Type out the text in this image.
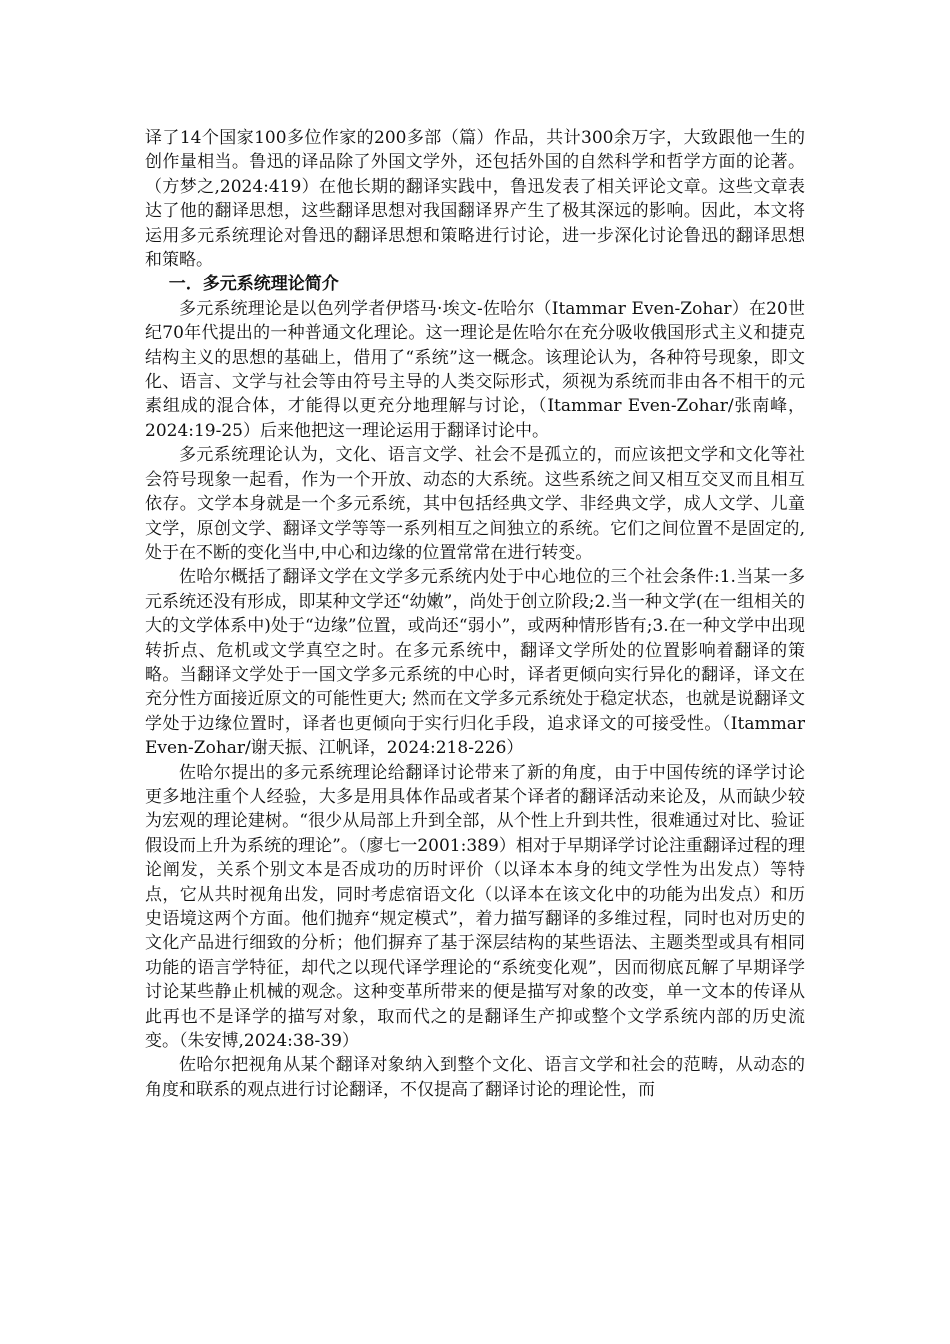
译了14个国家100多位作家的200多部（篇）作品，共计300余万字，大致跟他一生的创作量相当。鲁迅的译品除了外国文学外，还包括外国的自然科学和哲学方面的论著。（方梦之,2024:419）在他长期的翻译实践中，鲁迅发表了相关评论文章。这些文章表达了他的翻译思想，这些翻译思想对我国翻译界产生了极其深远的影响。因此，本文将运用多元系统理论对鲁迅的翻译思想和策略进行讨论，进一步深化讨论鲁迅的翻译思想和策略。

一．多元系统理论简介

多元系统理论是以色列学者伊塔马·埃文-佐哈尔（Itammar Even-Zohar）在20世纪70年代提出的一种普通文化理论。这一理论是佐哈尔在充分吸收俄国形式主义和捷克结构主义的思想的基础上，借用了“系统”这一概念。该理论认为，各种符号现象，即文化、语言、文学与社会等由符号主导的人类交际形式，须视为系统而非由各不相干的元素组成的混合体，才能得以更充分地理解与讨论，（Itammar Even-Zohar/张南峰，2024:19-25）后来他把这一理论运用于翻译讨论中。

多元系统理论认为，文化、语言文学、社会不是孤立的，而应该把文学和文化等社会符号现象一起看，作为一个开放、动态的大系统。这些系统之间又相互交叉而且相互依存。文学本身就是一个多元系统，其中包括经典文学、非经典文学，成人文学、儿童文学，原创文学、翻译文学等等一系列相互之间独立的系统。它们之间位置不是固定的,处于在不断的变化当中,中心和边缘的位置常常在进行转变。

佐哈尔概括了翻译文学在文学多元系统内处于中心地位的三个社会条件:1.当某一多元系统还没有形成，即某种文学还“幼嫩”，尚处于创立阶段;2.当一种文学(在一组相关的大的文学体系中)处于“边缘”位置，或尚还“弱小”，或两种情形皆有;3.在一种文学中出现转折点、危机或文学真空之时。在多元系统中，翻译文学所处的位置影响着翻译的策略。当翻译文学处于一国文学多元系统的中心时，译者更倾向实行异化的翻译，译文在充分性方面接近原文的可能性更大; 然而在文学多元系统处于稳定状态，也就是说翻译文学处于边缘位置时，译者也更倾向于实行归化手段，追求译文的可接受性。（Itammar Even-Zohar/谢天振、江帆译，2024:218-226）

佐哈尔提出的多元系统理论给翻译讨论带来了新的角度，由于中国传统的译学讨论更多地注重个人经验，大多是用具体作品或者某个译者的翻译活动来论及，从而缺少较为宏观的理论建树。“很少从局部上升到全部，从个性上升到共性，很难通过对比、验证假设而上升为系统的理论”。（廖七一2001:389）相对于早期译学讨论注重翻译过程的理论阐发，关系个别文本是否成功的历时评价（以译本本身的纯文学性为出发点）等特点，它从共时视角出发，同时考虑宿语文化（以译本在该文化中的功能为出发点）和历史语境这两个方面。他们抛弃“规定模式”，着力描写翻译的多维过程，同时也对历史的文化产品进行细致的分析；他们摒弃了基于深层结构的某些语法、主题类型或具有相同功能的语言学特征，却代之以现代译学理论的“系统变化观”，因而彻底瓦解了早期译学讨论某些静止机械的观念。这种变革所带来的便是描写对象的改变，单一文本的传译从此再也不是译学的描写对象，取而代之的是翻译生产抑或整个文学系统内部的历史流变。（朱安博,2024:38-39）

佐哈尔把视角从某个翻译对象纳入到整个文化、语言文学和社会的范畴，从动态的角度和联系的观点进行讨论翻译，不仅提高了翻译讨论的理论性，而
